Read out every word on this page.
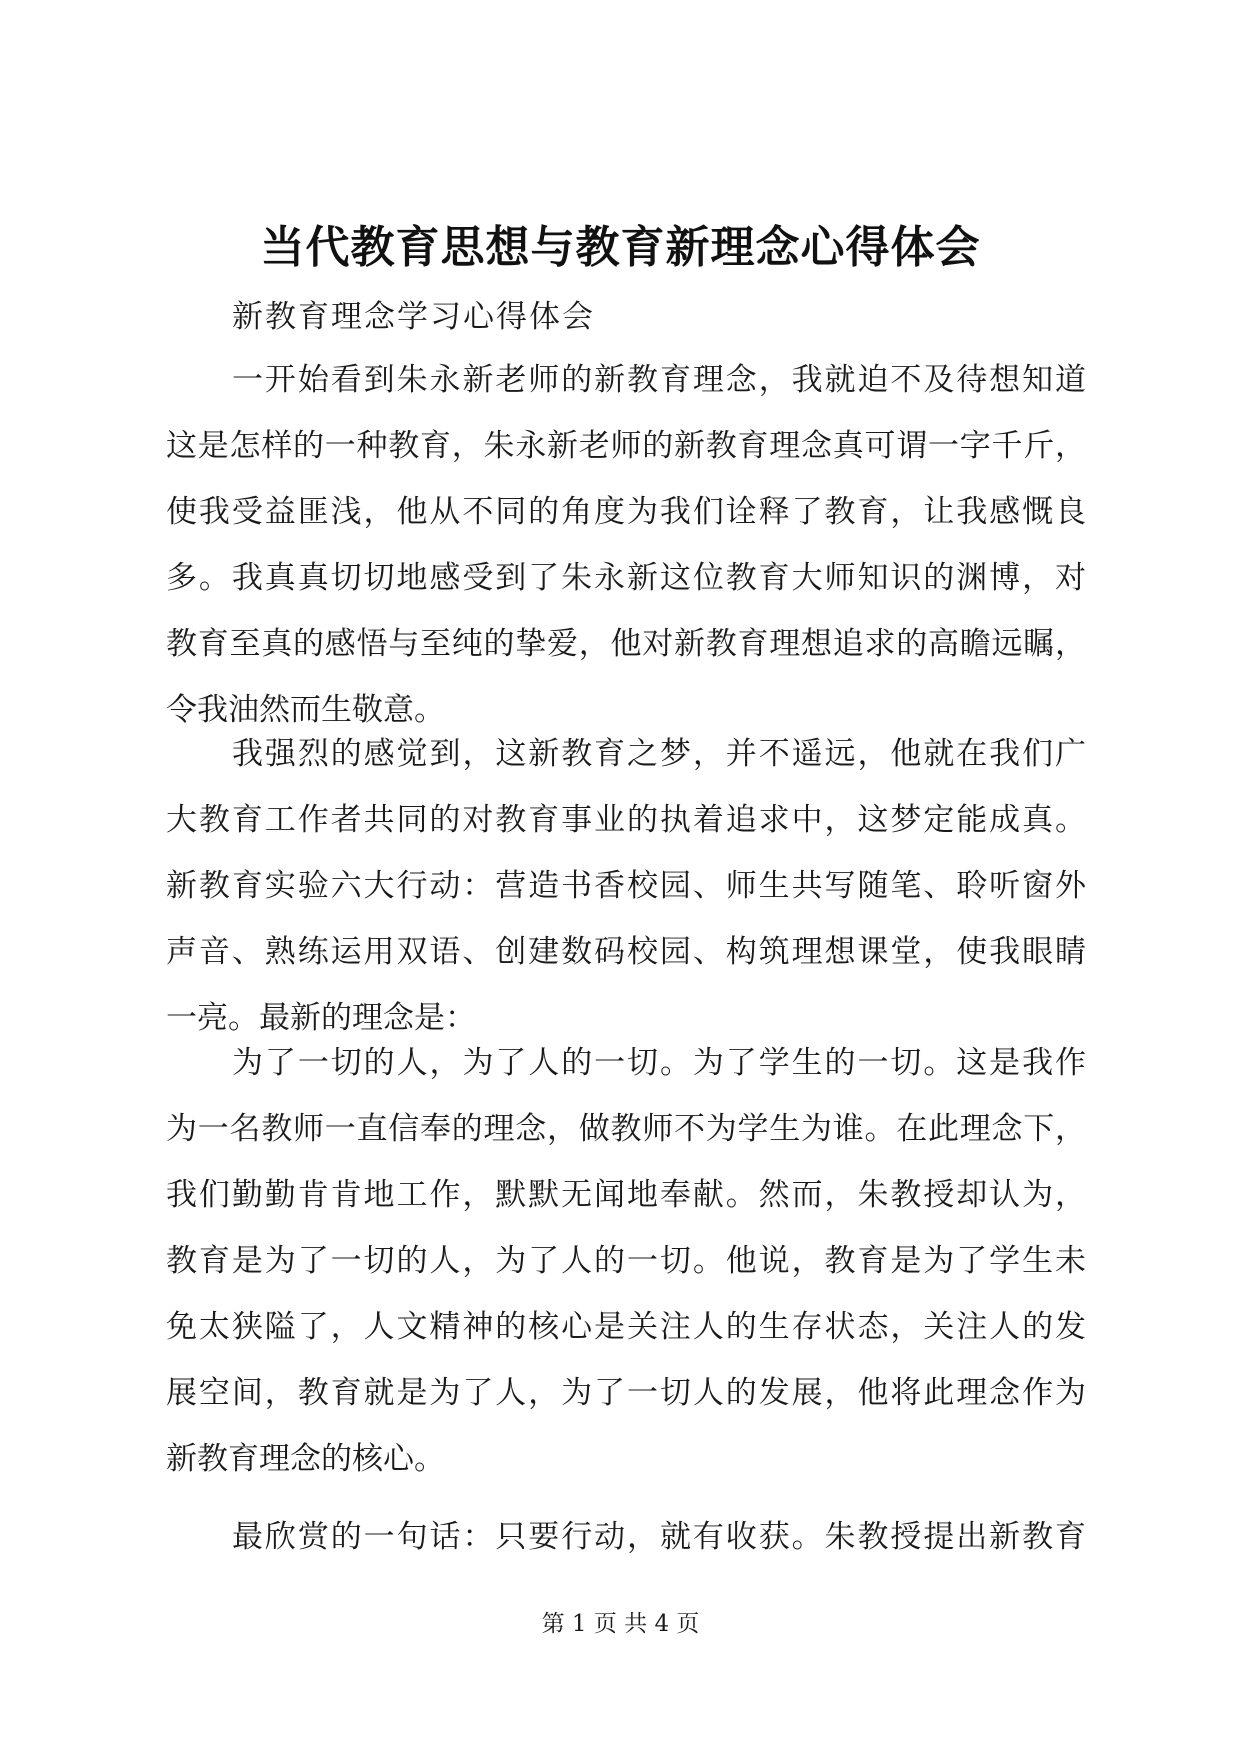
当代教育思想与教育新理念心得体会
新教育理念学习心得体会
一开始看到朱永新老师的新教育理念，我就迫不及待想知道
这是怎样的一种教育，朱永新老师的新教育理念真可谓一字千斤，
使我受益匪浅，他从不同的角度为我们诠释了教育，让我感慨良
多。我真真切切地感受到了朱永新这位教育大师知识的渊博，对
教育至真的感悟与至纯的挚爱，他对新教育理想追求的高瞻远瞩，
令我油然而生敬意。
我强烈的感觉到，这新教育之梦，并不遥远，他就在我们广
大教育工作者共同的对教育事业的执着追求中，这梦定能成真。
新教育实验六大行动：营造书香校园、师生共写随笔、聆听窗外
声音、熟练运用双语、创建数码校园、构筑理想课堂，使我眼睛
一亮。最新的理念是：
为了一切的人，为了人的一切。为了学生的一切。这是我作
为一名教师一直信奉的理念，做教师不为学生为谁。在此理念下，
我们勤勤肯肯地工作，默默无闻地奉献。然而，朱教授却认为，
教育是为了一切的人，为了人的一切。他说，教育是为了学生未
免太狭隘了，人文精神的核心是关注人的生存状态，关注人的发
展空间，教育就是为了人，为了一切人的发展，他将此理念作为
新教育理念的核心。
最欣赏的一句话：只要行动，就有收获。朱教授提出新教育
第 1 页 共 4 页
